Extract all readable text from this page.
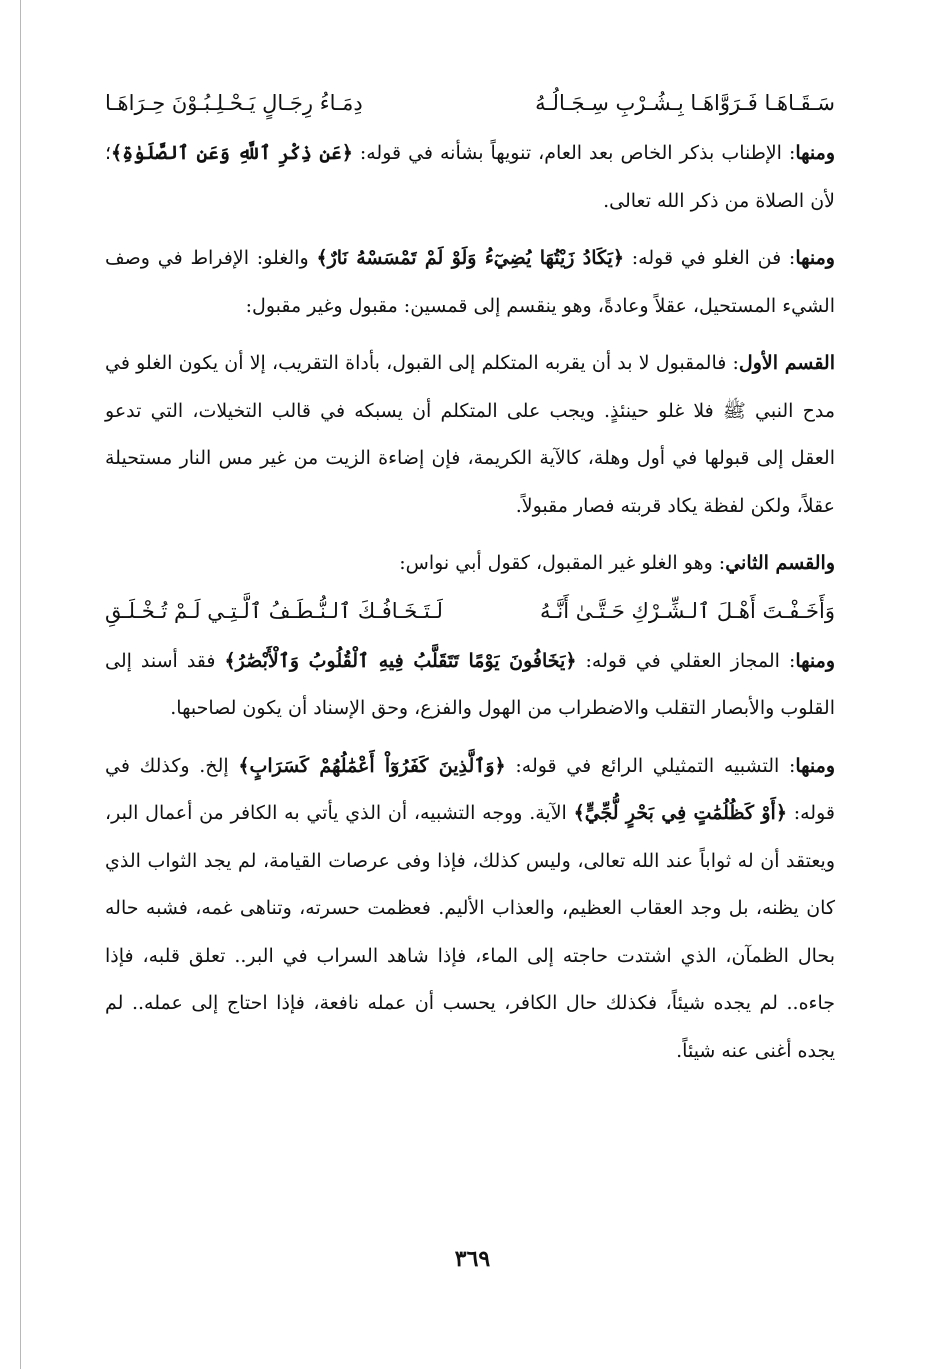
سَـقَـاهَـا فَـرَوَّاهَـا بِـشُـرْبِ سِـجَـالُـهُ
دِمَـاءُ رِجَـالٍ يَـحْـلِـبُـوْنَ حِـرَاهَـا

ومنها: الإطناب بذكر الخاص بعد العام، تنويهاً بشأنه في قوله: ﴿عَن ذِكْرِ ٱللَّهِ وَعَنِ ٱلصَّلَوٰةِ﴾؛ لأن الصلاة من ذكر الله تعالى.

ومنها: فن الغلو في قوله: ﴿يَكَادُ زَيْتُهَا يُضِيٓءُ وَلَوْ لَمْ تَمْسَسْهُ نَارٌ﴾ والغلو: الإفراط في وصف الشيء المستحيل، عقلاً وعادةً، وهو ينقسم إلى قمسين: مقبول وغير مقبول:

القسم الأول: فالمقبول لا بد أن يقربه المتكلم إلى القبول، بأداة التقريب، إلا أن يكون الغلو في مدح النبي ﷺ فلا غلو حينئذٍ. ويجب على المتكلم أن يسبكه في قالب التخيلات، التي تدعو العقل إلى قبولها في أول وهلة، كالآية الكريمة، فإن إضاءة الزيت من غير مس النار مستحيلة عقلاً، ولكن لفظة يكاد قربته فصار مقبولاً.

والقسم الثاني: وهو الغلو غير المقبول، كقول أبي نواس:

وَأَخَـفْـتَ أَهْـلَ ٱلـشِّـرْكِ حَـتَّـىٰ أَنَّـهُ
لَـتَـخَـافُـكَ ٱلـنُّـطَـفُ ٱلَّـتِـي لَـمْ تُـخْـلَـقِ

ومنها: المجاز العقلي في قوله: ﴿يَخَافُونَ يَوْمًا تَتَقَلَّبُ فِيهِ ٱلْقُلُوبُ وَٱلْأَبْصَٰرُ﴾ فقد أسند إلى القلوب والأبصار التقلب والاضطراب من الهول والفزع، وحق الإسناد أن يكون لصاحبها.

ومنها: التشبيه التمثيلي الرائع في قوله: ﴿وَٱلَّذِينَ كَفَرُوٓاْ أَعْمَٰلُهُمْ كَسَرَابٍ﴾ إلخ. وكذلك في قوله: ﴿أَوْ كَظُلُمَٰتٍ فِي بَحْرٍ لُّجِّيٍّ﴾ الآية. ووجه التشبيه، أن الذي يأتي به الكافر من أعمال البر، ويعتقد أن له ثواباً عند الله تعالى، وليس كذلك، فإذا وفى عرصات القيامة، لم يجد الثواب الذي كان يظنه، بل وجد العقاب العظيم، والعذاب الأليم. فعظمت حسرته، وتناهى غمه، فشبه حاله بحال الظمآن، الذي اشتدت حاجته إلى الماء، فإذا شاهد السراب في البر.. تعلق قلبه، فإذا جاءه.. لم يجده شيئاً، فكذلك حال الكافر، يحسب أن عمله نافعة، فإذا احتاج إلى عمله.. لم يجده أغنى عنه شيئاً.

٣٦٩
